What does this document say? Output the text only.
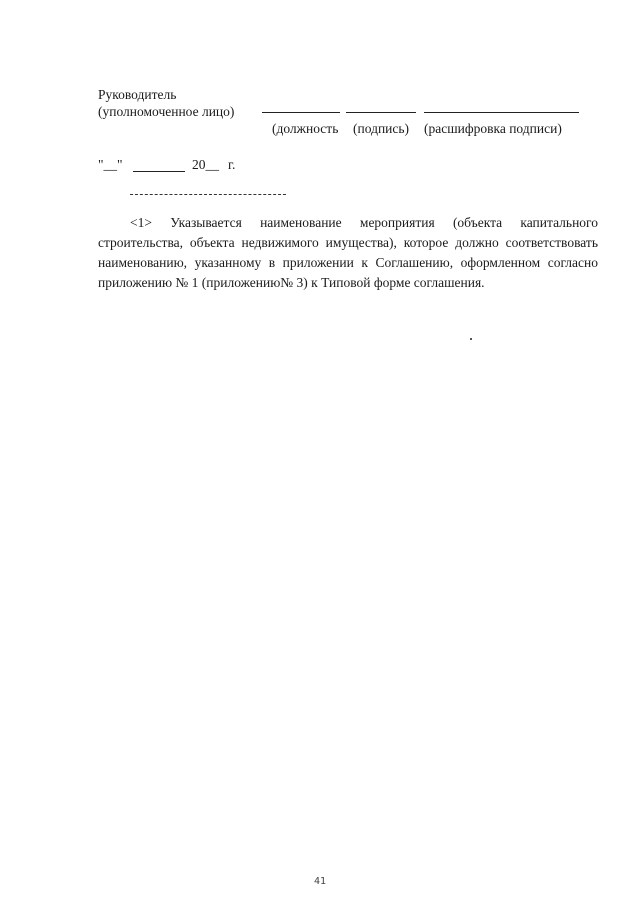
Руководитель
(уполномоченное лицо)
(должность (подпись) (расшифровка подписи)
"__"	20__ г.
<1> Указывается наименование мероприятия (объекта капитального строительства, объекта недвижимого имущества), которое должно соответствовать наименованию, указанному в приложении к Соглашению, оформленном согласно приложению № 1 (приложению№ 3) к Типовой форме соглашения.
41
